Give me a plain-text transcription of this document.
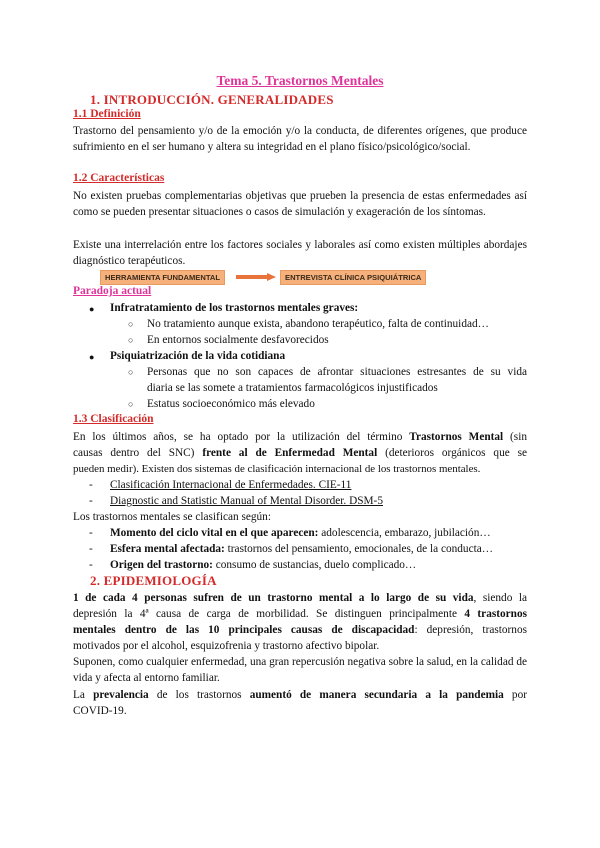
Tema 5. Trastornos Mentales
1. INTRODUCCIÓN. GENERALIDADES
1.1 Definición
Trastorno del pensamiento y/o de la emoción y/o la conducta, de diferentes orígenes, que produce sufrimiento en el ser humano y altera su integridad en el plano físico/psicológico/social.
1.2 Características
No existen pruebas complementarias objetivas que prueben la presencia de estas enfermedades así como se pueden presentar situaciones o casos de simulación y exageración de los síntomas.
Existe una interrelación entre los factores sociales y laborales así como existen múltiples abordajes diagnóstico terapéuticos.
HERRAMIENTA FUNDAMENTAL	ENTREVISTA CLÍNICA PSIQUIÁTRICA
Paradoja actual
● Infratratamiento de los trastornos mentales graves:
○ No tratamiento aunque exista, abandono terapéutico, falta de continuidad…
○ En entornos socialmente desfavorecidos
● Psiquiatrización de la vida cotidiana
○ Personas que no son capaces de afrontar situaciones estresantes de su vida
diaria se las somete a tratamientos farmacológicos injustificados
○ Estatus socioeconómico más elevado
1.3 Clasificación
En los últimos años, se ha optado por la utilización del término Trastornos Mental (sin
causas dentro del SNC) frente al de Enfermedad Mental (deterioros orgánicos que se
pueden medir). Existen dos sistemas de clasificación internacional de los trastornos mentales.
- Clasificación Internacional de Enfermedades. CIE-11
- Diagnostic and Statistic Manual of Mental Disorder. DSM-5
Los trastornos mentales se clasifican según:
- Momento del ciclo vital en el que aparecen: adolescencia, embarazo, jubilación…
- Esfera mental afectada: trastornos del pensamiento, emocionales, de la conducta…
- Origen del trastorno: consumo de sustancias, duelo complicado…
2. EPIDEMIOLOGÍA
1 de cada 4 personas sufren de un trastorno mental a lo largo de su vida, siendo la
depresión la 4ª causa de carga de morbilidad. Se distinguen principalmente 4 trastornos
mentales dentro de las 10 principales causas de discapacidad: depresión, trastornos
motivados por el alcohol, esquizofrenia y trastorno afectivo bipolar.
Suponen, como cualquier enfermedad, una gran repercusión negativa sobre la salud, en la calidad de vida y afecta al entorno familiar.
La prevalencia de los trastornos aumentó de manera secundaria a la pandemia por
COVID-19.
